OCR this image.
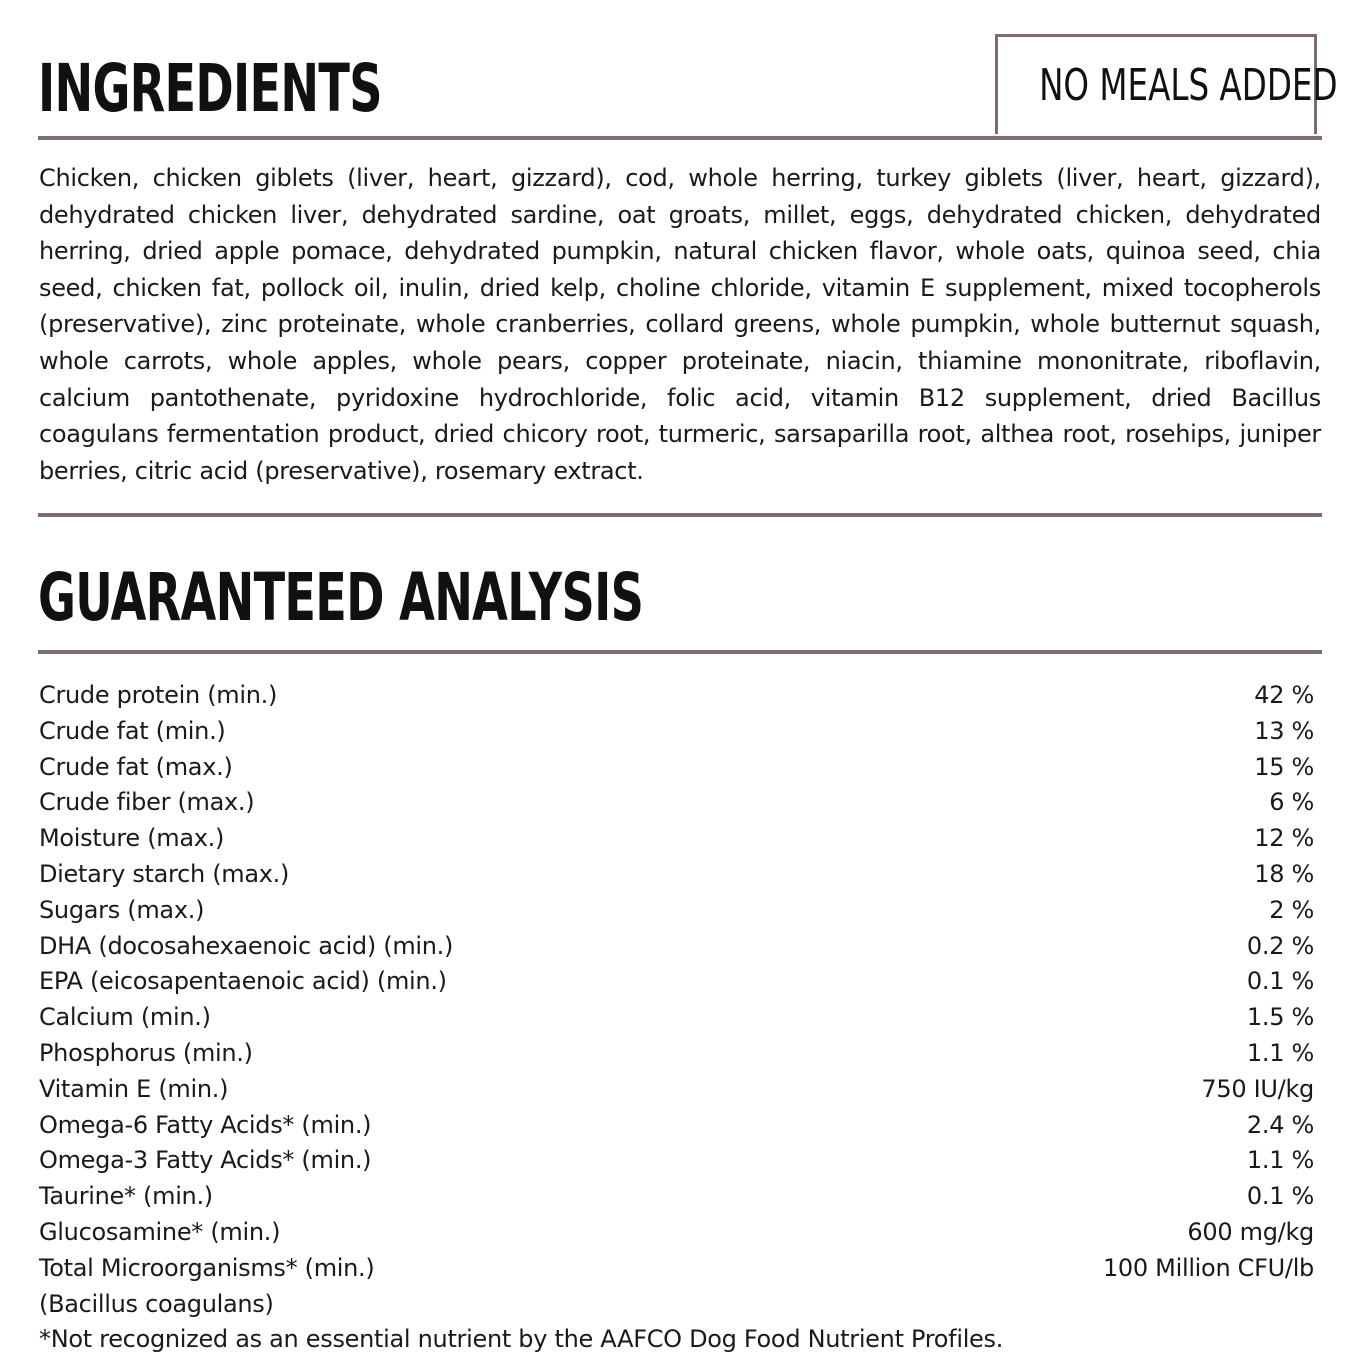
INGREDIENTS	NO MEALS ADDED

Chicken, chicken giblets (liver, heart, gizzard), cod, whole herring, turkey giblets (liver, heart, gizzard), dehydrated chicken liver, dehydrated sardine, oat groats, millet, eggs, dehydrated chicken, dehydrated herring, dried apple pomace, dehydrated pumpkin, natural chicken flavor, whole oats, quinoa seed, chia seed, chicken fat, pollock oil, inulin, dried kelp, choline chloride, vitamin E supplement, mixed tocopherols (preservative), zinc proteinate, whole cranberries, collard greens, whole pumpkin, whole butternut squash, whole carrots, whole apples, whole pears, copper proteinate, niacin, thiamine mononitrate, riboflavin, calcium pantothenate, pyridoxine hydrochloride, folic acid, vitamin B12 supplement, dried Bacillus coagulans fermentation product, dried chicory root, turmeric, sarsaparilla root, althea root, rosehips, juniper berries, citric acid (preservative), rosemary extract.

GUARANTEED ANALYSIS
Crude protein (min.)	42 %
Crude fat (min.)	13 %
Crude fat (max.)	15 %
Crude fiber (max.)	6 %
Moisture (max.)	12 %
Dietary starch (max.)	18 %
Sugars (max.)	2 %
DHA (docosahexaenoic acid) (min.)	0.2 %
EPA (eicosapentaenoic acid) (min.)	0.1 %
Calcium (min.)	1.5 %
Phosphorus (min.)	1.1 %
Vitamin E (min.)	750 IU/kg
Omega-6 Fatty Acids* (min.)	2.4 %
Omega-3 Fatty Acids* (min.)	1.1 %
Taurine* (min.)	0.1 %
Glucosamine* (min.)	600 mg/kg
Total Microorganisms* (min.)	100 Million CFU/lb
(Bacillus coagulans)
*Not recognized as an essential nutrient by the AAFCO Dog Food Nutrient Profiles.
